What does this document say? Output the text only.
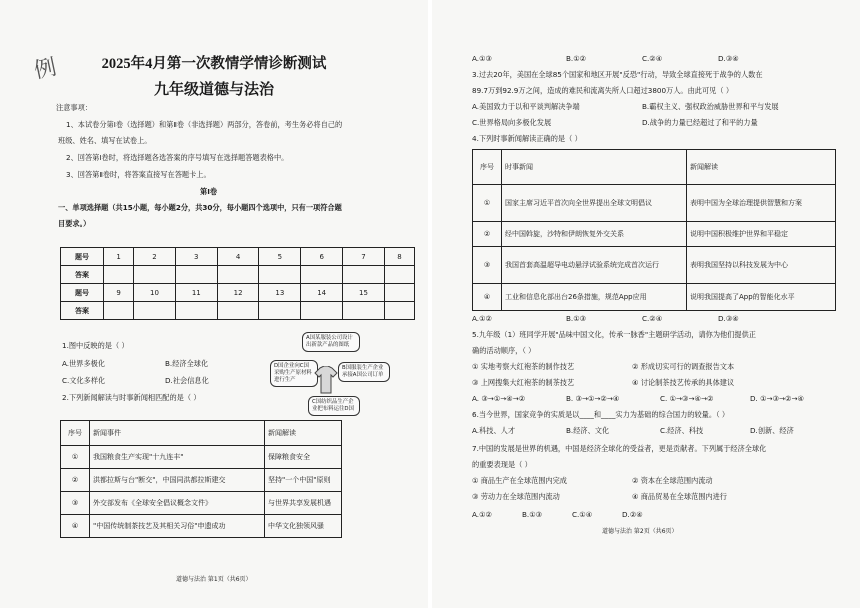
例	2025年4月第一次教情学情诊断测试
九年级道德与法治
注意事项：
1、本试卷分第Ⅰ卷（选择题）和第Ⅱ卷（非选择题）两部分，答卷前，考生务必将自己的
班级、姓名、填写在试卷上。
2、回答第Ⅰ卷时，将选择题各选答案的序号填写在选择题答题表格中。
3、回答第Ⅱ卷时，将答案直接写在答题卡上。
第Ⅰ卷
一、单项选择题（共15小题，每小题2分，共30分，每小题四个选项中，只有一项符合题
目要求。）
题号	1	2	3	4	5	6	7	8
答案								
题号	9	10	11	12	13	14	15	
答案								
1.图中反映的是（ ）
A.世界多极化	B.经济全球化
C.文化多样化	D.社会信息化
A国某服装公司设计出新款产品的图纸
B国服装生产企业承接A国公司订单
C国纺织品生产企业把布料运往D国
D国企业向C国采购生产原材料进行生产
2.下列新闻解读与时事新闻相匹配的是（ ）
序号	新闻事件	新闻解读
①	我国粮食生产实现"十九连丰"	保障粮食安全
②	洪都拉斯与台"断交"，中国同洪都拉斯建交	坚持"一个中国"原则
③	外交部发布《全球安全倡议概念文件》	与世界共享发展机遇
④	"中国传统制茶技艺及其相关习俗"申遗成功	中华文化独领风骚
道德与法治 第1页（共6页）
A.①③	B.①②	C.②④	D.③④
3.过去20年，美国在全球85个国家和地区开展"反恐"行动，导致全球直接死于战争的人数在
89.7万到92.9万之间，造成的难民和流离失所人口超过3800万人。由此可见（ ）
A.美国致力于以和平谈判解决争端	B.霸权主义、强权政治威胁世界和平与发展
C.世界格局向多极化发展	D.战争的力量已经超过了和平的力量
4.下列时事新闻解读正确的是（ ）
序号	时事新闻	新闻解读
①	国家主席习近平首次向全世界提出全球文明倡议	表明中国为全球治理提供智慧和方案
②	经中国斡旋，沙特和伊朗恢复外交关系	说明中国积极维护世界和平稳定
③	我国首套高温超导电动悬浮试验系统完成首次运行	表明我国坚持以科技发展为中心
④	工业和信息化部出台26条措施，规范App应用	说明我国提高了App的智能化水平
A.①②	B.①③	C.②④	D.③④
5.九年级（1）班同学开展"品味中国文化，传承一脉香"主题研学活动，请你为他们提供正
确的活动顺序，（ ）
① 实地考察大红袍茶的制作技艺	② 形成切实可行的调查报告文本
③ 上网搜集大红袍茶的制茶技艺	④ 讨论制茶技艺传承的具体建议
A. ③→①→④→②	B. ③→①→②→④	C. ①→③→④→②	D. ①→③→②→④
6.当今世界，国家竞争的实质是以____和____实力为基础的综合国力的较量。（ ）
A.科技、人才	B.经济、文化	C.经济、科技	D.创新、经济
7.中国的发展是世界的机遇，中国是经济全球化的受益者，更是贡献者。下列属于经济全球化
的重要表现是（ ）
① 商品生产在全球范围内完成	② 资本在全球范围内流动
③ 劳动力在全球范围内流动	④ 商品贸易在全球范围内进行
A.①②	B.①③	C.①④	D.②④
道德与法治 第2页（共6页）
